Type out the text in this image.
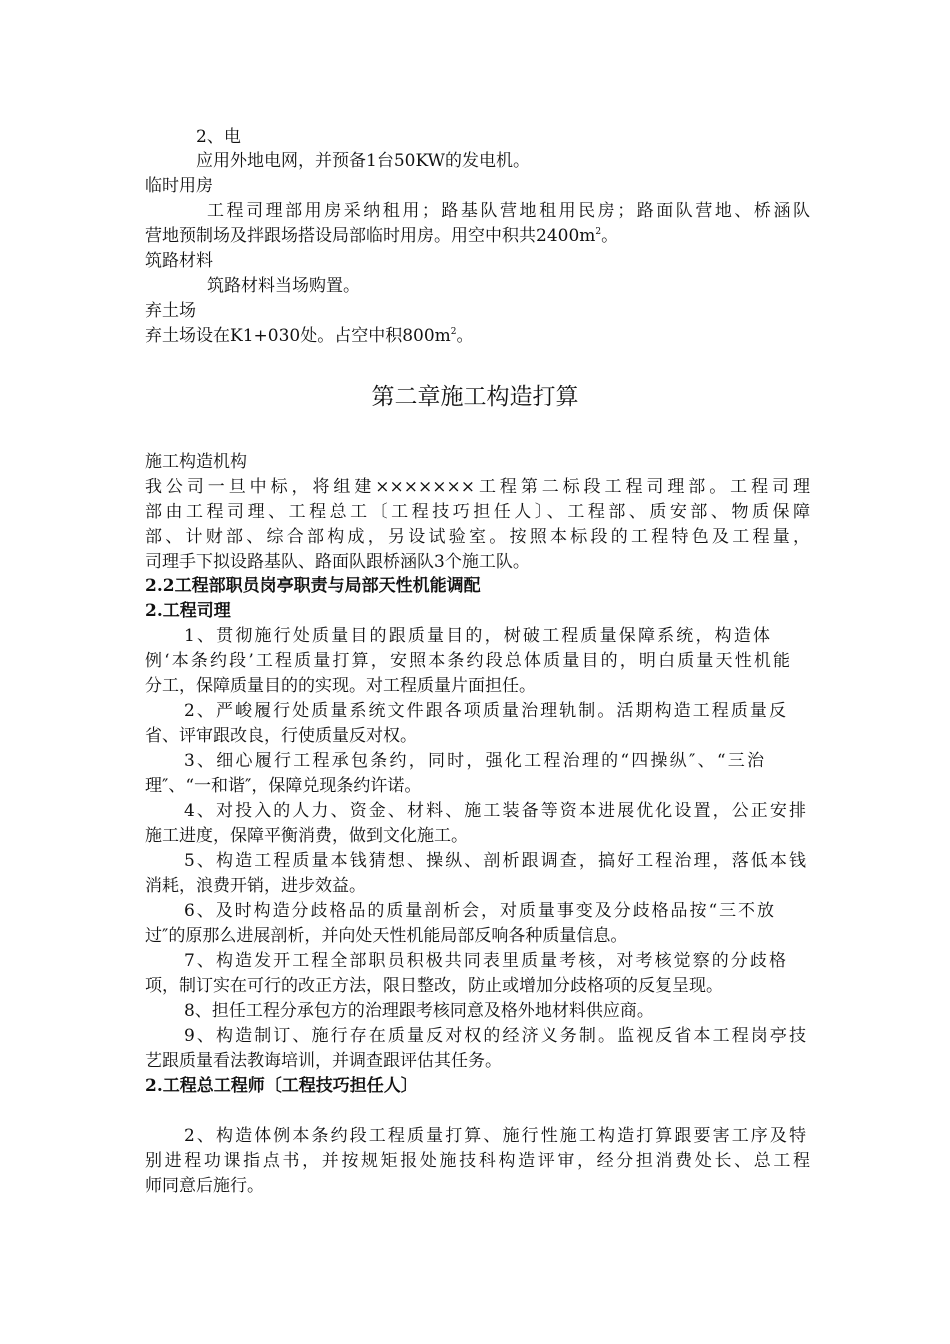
2、电
应用外地电网，并预备1台50KW的发电机。
临时用房
工程司理部用房采纳租用；路基队营地租用民房；路面队营地、桥涵队
营地预制场及拌跟场搭设局部临时用房。用空中积共$2400m^2$。
筑路材料
筑路材料当场购置。
弃土场
弃土场设在K1+030处。占空中积$800m^2$。
第二章施工构造打算
施工构造机构
我公司一旦中标，将组建×××××××工程第二标段工程司理部。工程司理
部由工程司理、工程总工〔工程技巧担任人〕、工程部、质安部、物质保障
部、计财部、综合部构成，另设试验室。按照本标段的工程特色及工程量，
司理手下拟设路基队、路面队跟桥涵队3个施工队。
2.2工程部职员岗亭职责与局部天性机能调配
2.工程司理
1、贯彻施行处质量目的跟质量目的，树破工程质量保障系统，构造体
例‘本条约段’工程质量打算，安照本条约段总体质量目的，明白质量天性机能
分工，保障质量目的的实现。对工程质量片面担任。
2、严峻履行处质量系统文件跟各项质量治理轨制。活期构造工程质量反
省、评审跟改良，行使质量反对权。
3、细心履行工程承包条约，同时，强化工程治理的“四操纵″、“三治
理″、“一和谐″，保障兑现条约许诺。
4、对投入的人力、资金、材料、施工装备等资本进展优化设置，公正安排
施工进度，保障平衡消费，做到文化施工。
5、构造工程质量本钱猜想、操纵、剖析跟调查，搞好工程治理，落低本钱
消耗，浪费开销，进步效益。
6、及时构造分歧格品的质量剖析会，对质量事变及分歧格品按“三不放
过″的原那么进展剖析，并向处天性机能局部反响各种质量信息。
7、构造发开工程全部职员积极共同表里质量考核，对考核觉察的分歧格
项，制订实在可行的改正方法，限日整改，防止或增加分歧格项的反复呈现。
8、担任工程分承包方的治理跟考核同意及格外地材料供应商。
9、构造制订、施行存在质量反对权的经济义务制。监视反省本工程岗亭技
艺跟质量看法教诲培训，并调查跟评估其任务。
2.工程总工程师〔工程技巧担任人〕
2、构造体例本条约段工程质量打算、施行性施工构造打算跟要害工序及特
别进程功课指点书，并按规矩报处施技科构造评审，经分担消费处长、总工程
师同意后施行。
